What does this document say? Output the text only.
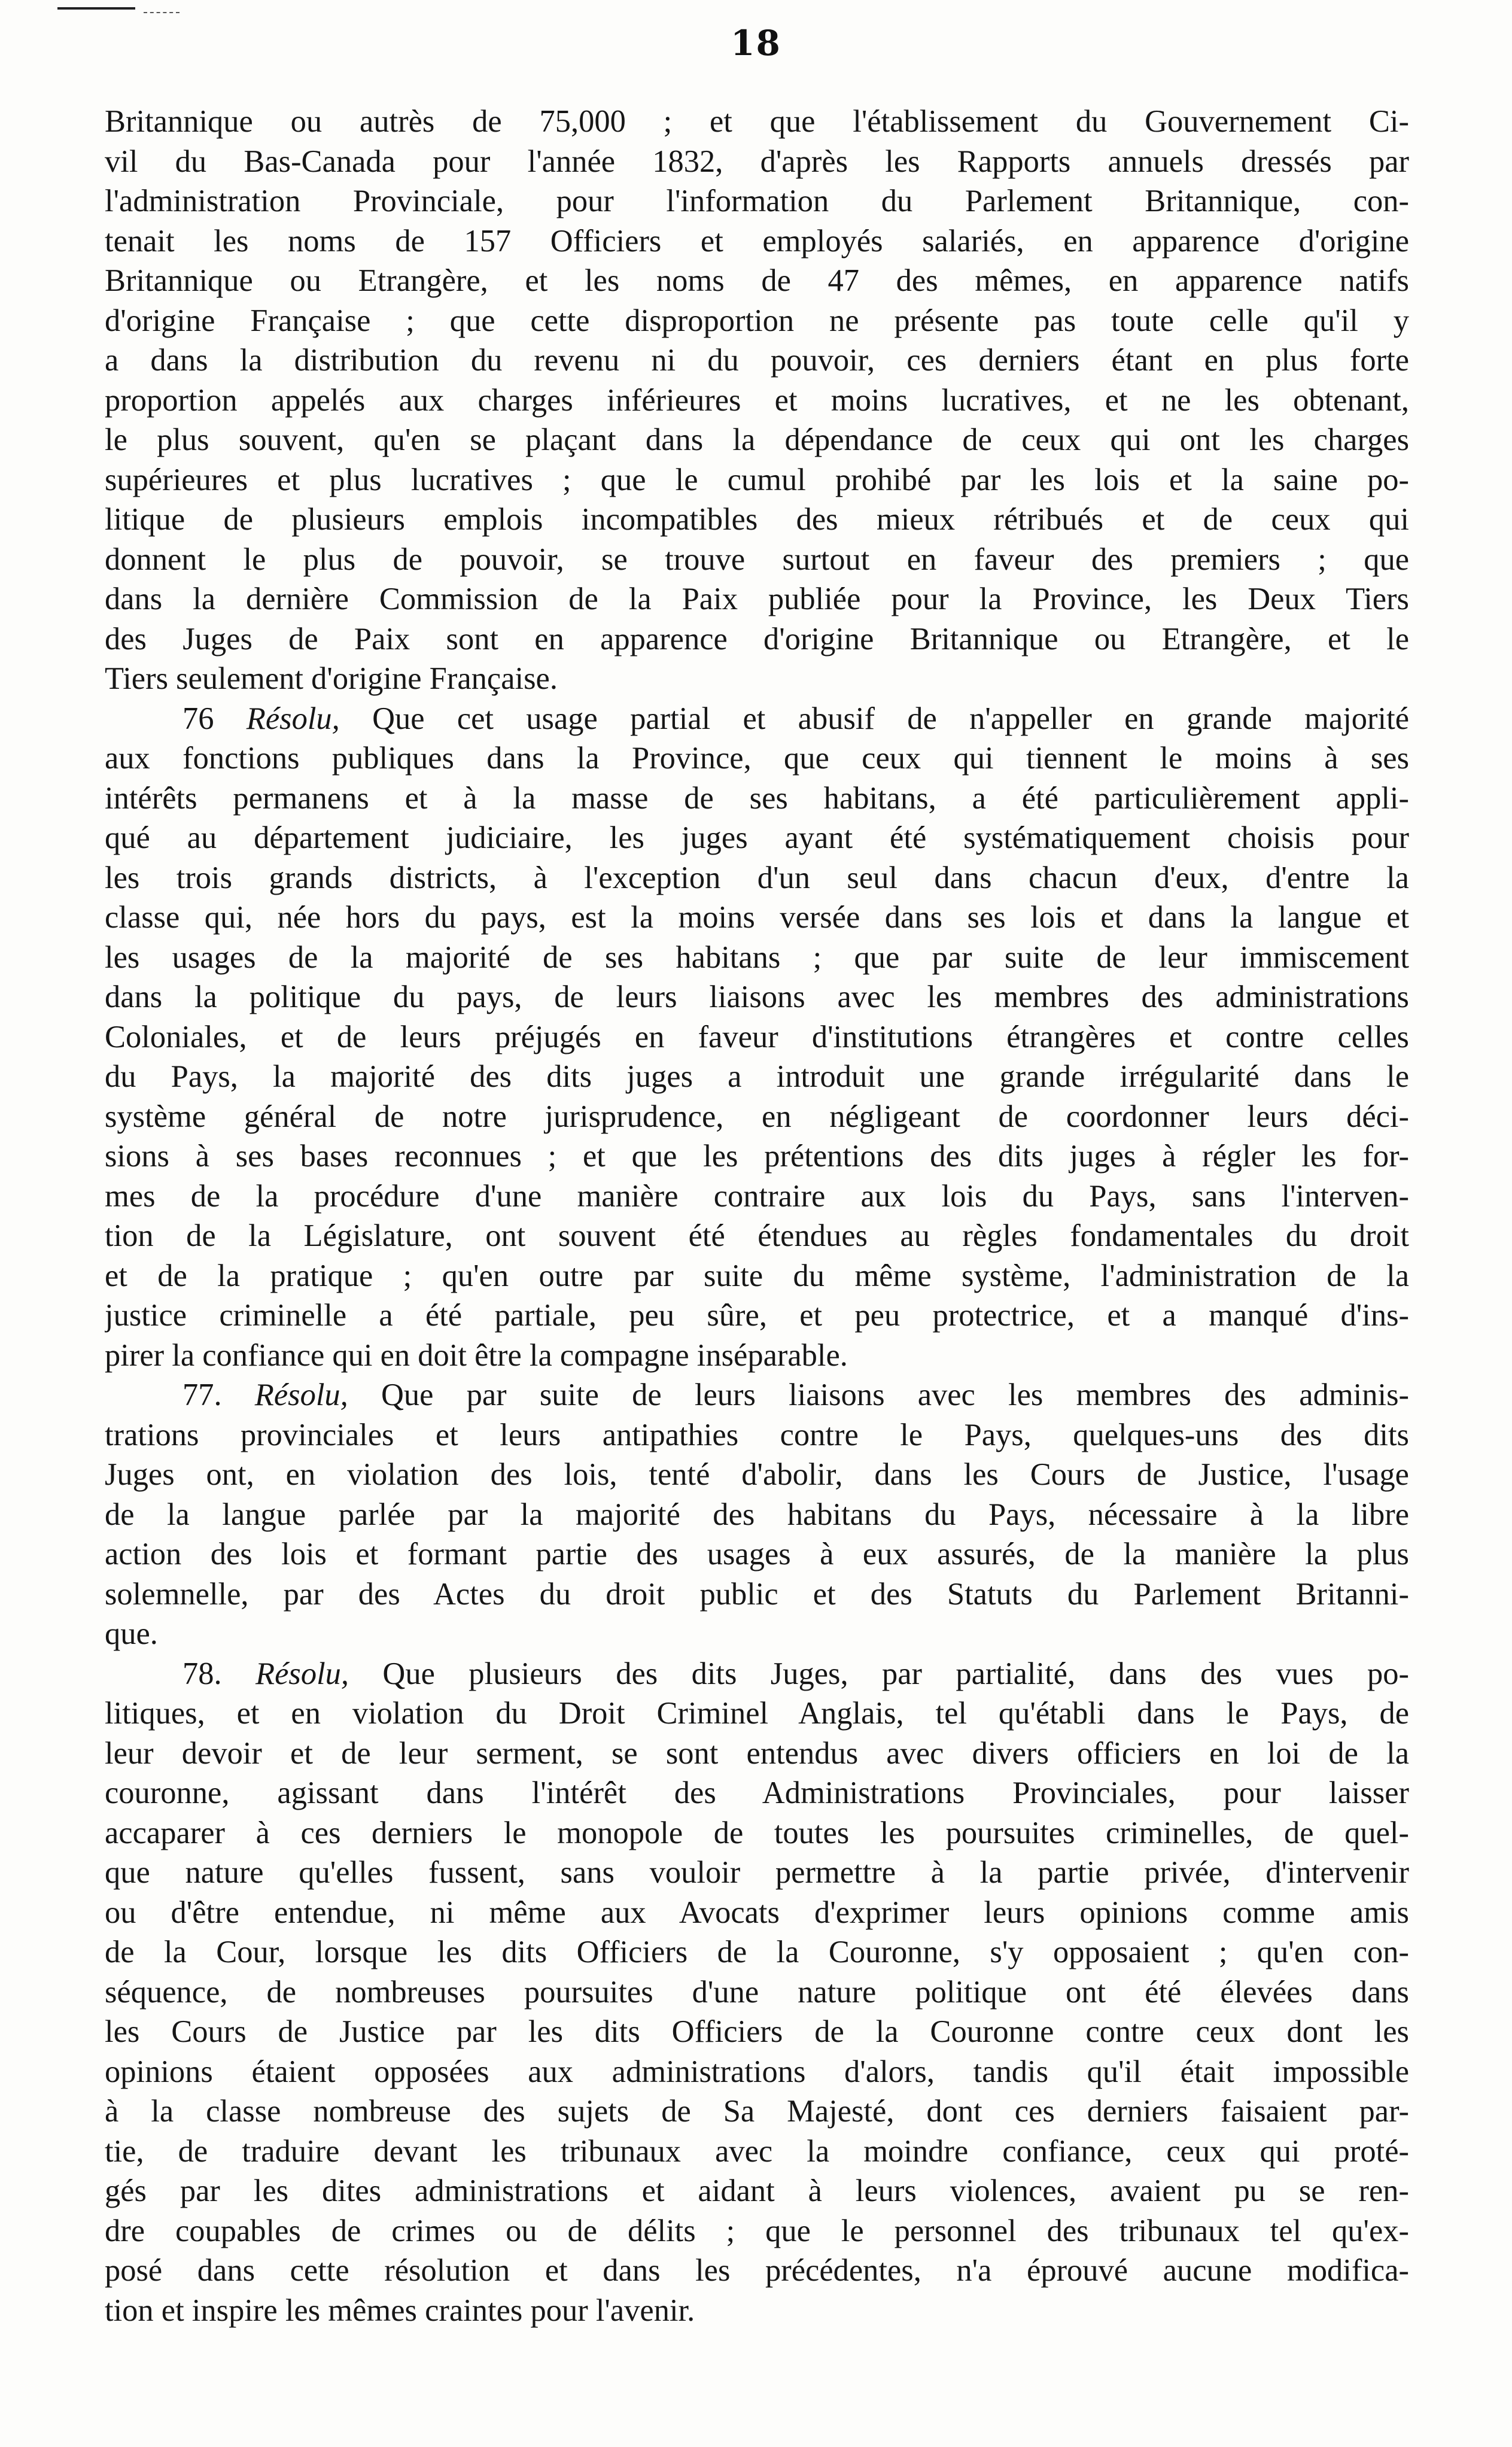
18
Britannique ou autrès de 75,000 ; et que l'établissement du Gouvernement Ci-
vil du Bas-Canada pour l'année 1832, d'après les Rapports annuels dressés par
l'administration Provinciale, pour l'information du Parlement Britannique, con-
tenait les noms de 157 Officiers et employés salariés, en apparence d'origine
Britannique ou Etrangère, et les noms de 47 des mêmes, en apparence natifs
d'origine Française ; que cette disproportion ne présente pas toute celle qu'il y
a dans la distribution du revenu ni du pouvoir, ces derniers étant en plus forte
proportion appelés aux charges inférieures et moins lucratives, et ne les obtenant,
le plus souvent, qu'en se plaçant dans la dépendance de ceux qui ont les charges
supérieures et plus lucratives ; que le cumul prohibé par les lois et la saine po-
litique de plusieurs emplois incompatibles des mieux rétribués et de ceux qui
donnent le plus de pouvoir, se trouve surtout en faveur des premiers ; que
dans la dernière Commission de la Paix publiée pour la Province, les Deux Tiers
des Juges de Paix sont en apparence d'origine Britannique ou Etrangère, et le
Tiers seulement d'origine Française.
76 Résolu, Que cet usage partial et abusif de n'appeller en grande majorité
aux fonctions publiques dans la Province, que ceux qui tiennent le moins à ses
intérêts permanens et à la masse de ses habitans, a été particulièrement appli-
qué au département judiciaire, les juges ayant été systématiquement choisis pour
les trois grands districts, à l'exception d'un seul dans chacun d'eux, d'entre la
classe qui, née hors du pays, est la moins versée dans ses lois et dans la langue et
les usages de la majorité de ses habitans ; que par suite de leur immiscement
dans la politique du pays, de leurs liaisons avec les membres des administrations
Coloniales, et de leurs préjugés en faveur d'institutions étrangères et contre celles
du Pays, la majorité des dits juges a introduit une grande irrégularité dans le
système général de notre jurisprudence, en négligeant de coordonner leurs déci-
sions à ses bases reconnues ; et que les prétentions des dits juges à régler les for-
mes de la procédure d'une manière contraire aux lois du Pays, sans l'interven-
tion de la Législature, ont souvent été étendues au règles fondamentales du droit
et de la pratique ; qu'en outre par suite du même système, l'administration de la
justice criminelle a été partiale, peu sûre, et peu protectrice, et a manqué d'ins-
pirer la confiance qui en doit être la compagne inséparable.
77. Résolu, Que par suite de leurs liaisons avec les membres des adminis-
trations provinciales et leurs antipathies contre le Pays, quelques-uns des dits
Juges ont, en violation des lois, tenté d'abolir, dans les Cours de Justice, l'usage
de la langue parlée par la majorité des habitans du Pays, nécessaire à la libre
action des lois et formant partie des usages à eux assurés, de la manière la plus
solemnelle, par des Actes du droit public et des Statuts du Parlement Britanni-
que.
78. Résolu, Que plusieurs des dits Juges, par partialité, dans des vues po-
litiques, et en violation du Droit Criminel Anglais, tel qu'établi dans le Pays, de
leur devoir et de leur serment, se sont entendus avec divers officiers en loi de la
couronne, agissant dans l'intérêt des Administrations Provinciales, pour laisser
accaparer à ces derniers le monopole de toutes les poursuites criminelles, de quel-
que nature qu'elles fussent, sans vouloir permettre à la partie privée, d'intervenir
ou d'être entendue, ni même aux Avocats d'exprimer leurs opinions comme amis
de la Cour, lorsque les dits Officiers de la Couronne, s'y opposaient ; qu'en con-
séquence, de nombreuses poursuites d'une nature politique ont été élevées dans
les Cours de Justice par les dits Officiers de la Couronne contre ceux dont les
opinions étaient opposées aux administrations d'alors, tandis qu'il était impossible
à la classe nombreuse des sujets de Sa Majesté, dont ces derniers faisaient par-
tie, de traduire devant les tribunaux avec la moindre confiance, ceux qui proté-
gés par les dites administrations et aidant à leurs violences, avaient pu se ren-
dre coupables de crimes ou de délits ; que le personnel des tribunaux tel qu'ex-
posé dans cette résolution et dans les précédentes, n'a éprouvé aucune modifica-
tion et inspire les mêmes craintes pour l'avenir.
